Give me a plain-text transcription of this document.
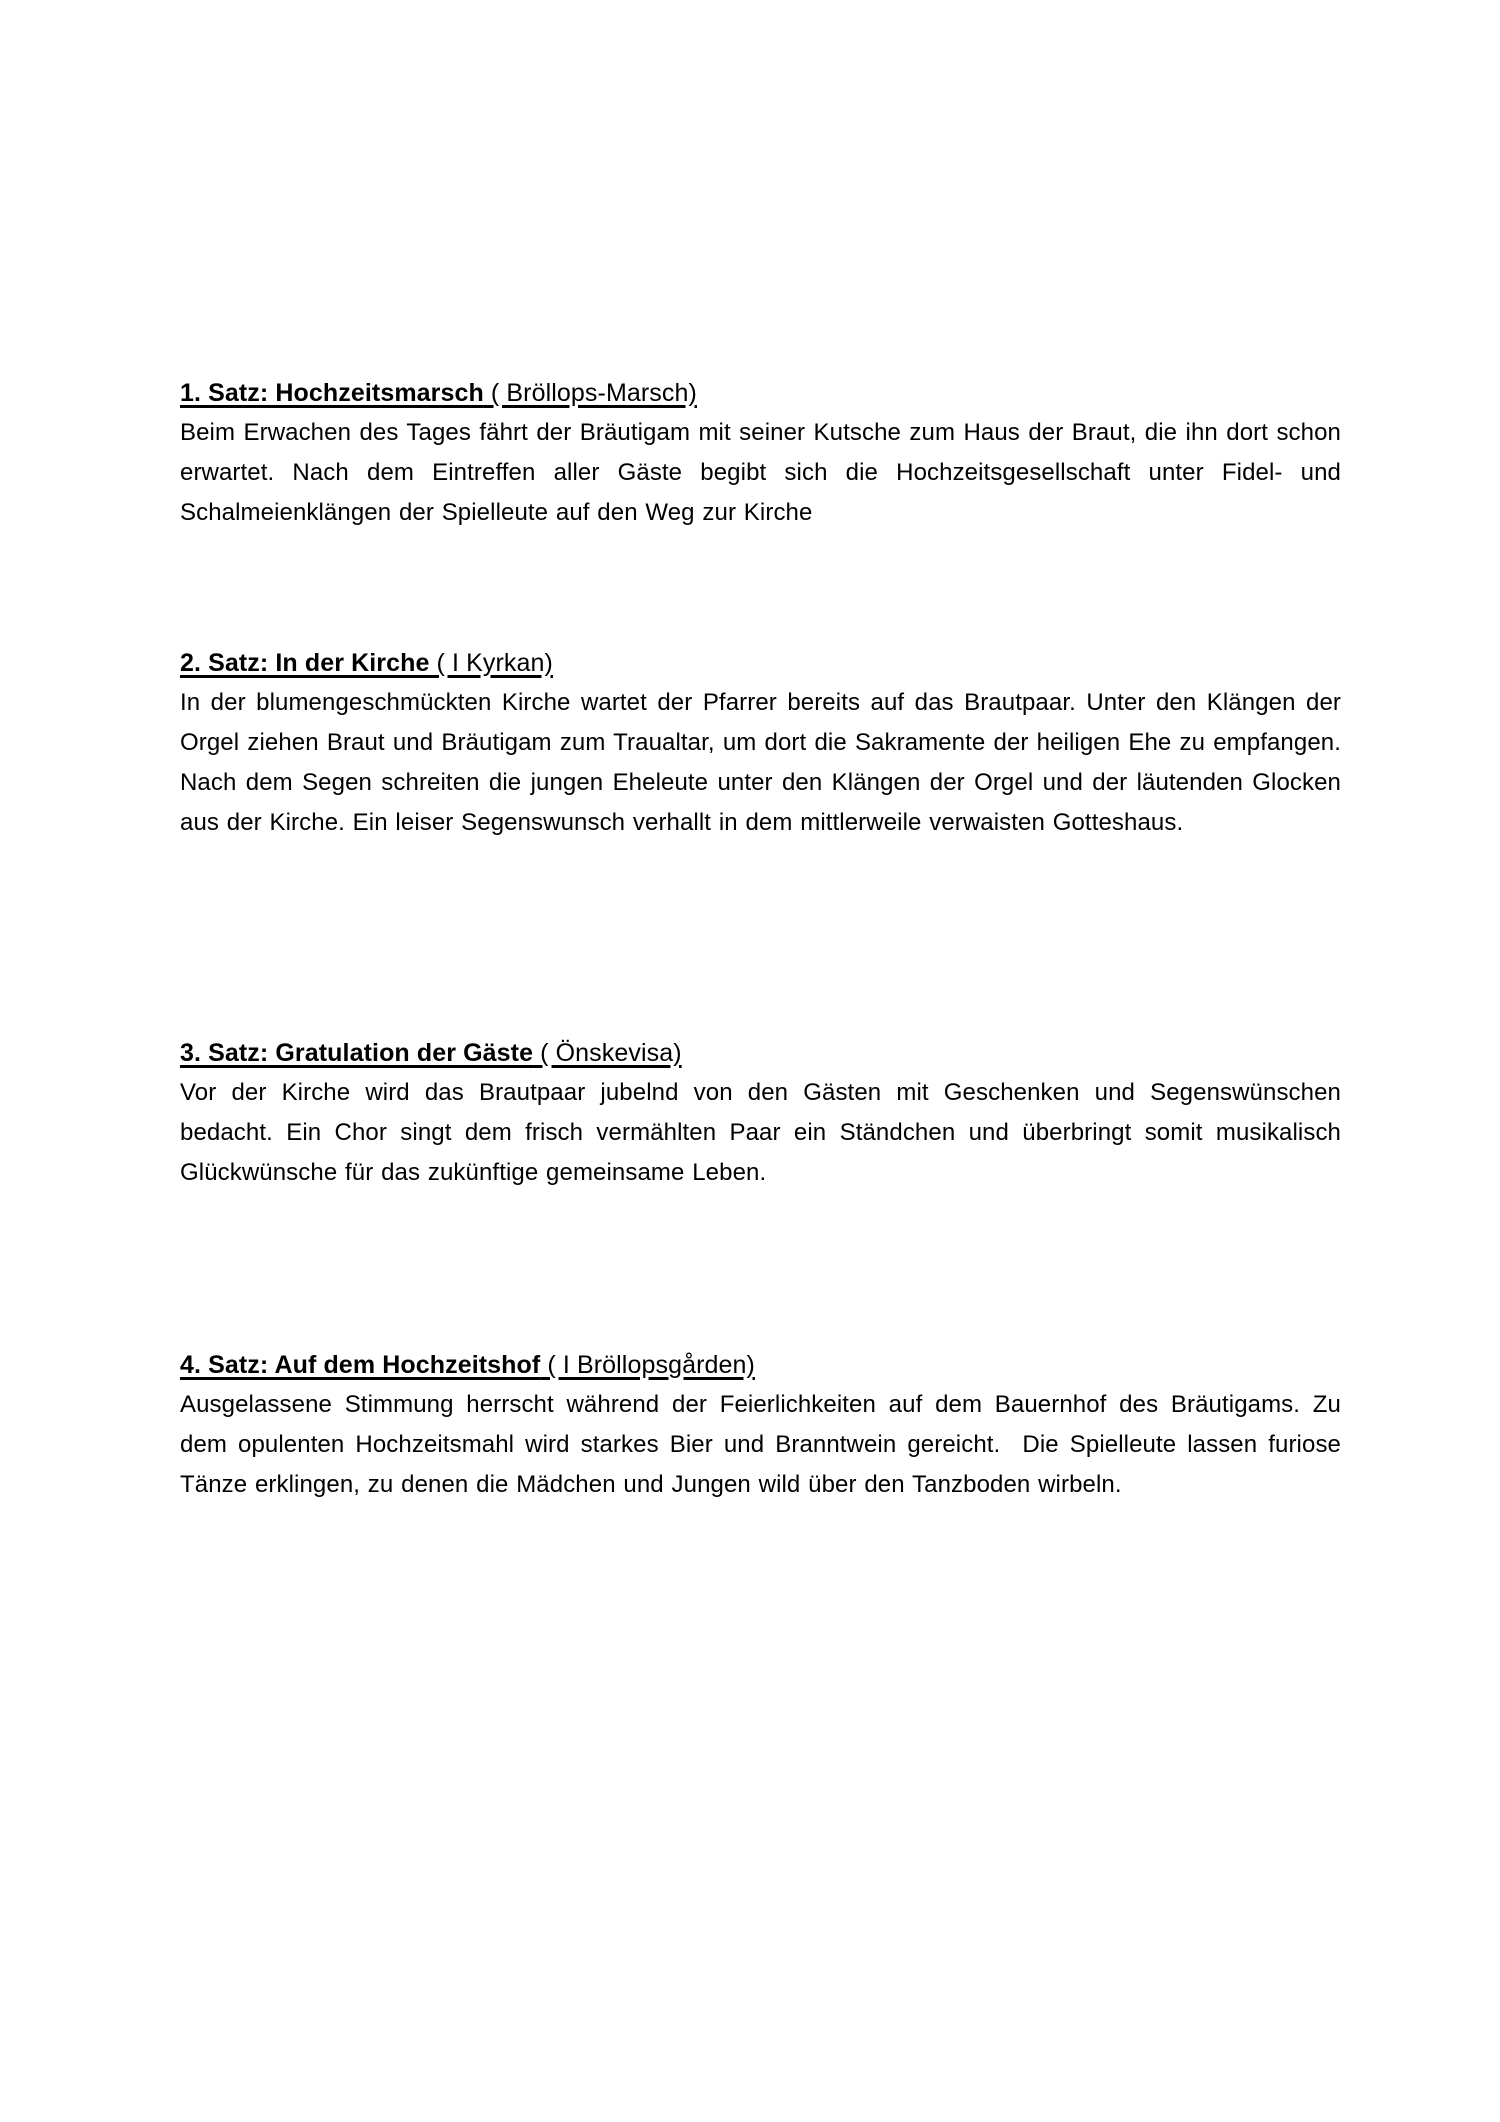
1. Satz: Hochzeitsmarsch ( Bröllops-Marsch)

Beim Erwachen des Tages fährt der Bräutigam mit seiner Kutsche zum Haus der Braut, die ihn dort schon erwartet. Nach dem Eintreffen aller Gäste begibt sich die Hochzeitsgesellschaft unter Fidel- und Schalmeienklängen der Spielleute auf den Weg zur Kirche

2. Satz: In der Kirche ( I Kyrkan)

In der blumengeschmückten Kirche wartet der Pfarrer bereits auf das Brautpaar. Unter den Klängen der Orgel ziehen Braut und Bräutigam zum Traualtar, um dort die Sakramente der heiligen Ehe zu empfangen. Nach dem Segen schreiten die jungen Eheleute unter den Klängen der Orgel und der läutenden Glocken aus der Kirche. Ein leiser Segenswunsch verhallt in dem mittlerweile verwaisten Gotteshaus.

3. Satz: Gratulation der Gäste ( Önskevisa)

Vor der Kirche wird das Brautpaar jubelnd von den Gästen mit Geschenken und Segenswünschen bedacht. Ein Chor singt dem frisch vermählten Paar ein Ständchen und überbringt somit musikalisch Glückwünsche für das zukünftige gemeinsame Leben.

4. Satz: Auf dem Hochzeitshof ( I Bröllopsgården)

Ausgelassene Stimmung herrscht während der Feierlichkeiten auf dem Bauernhof des Bräutigams. Zu dem opulenten Hochzeitsmahl wird starkes Bier und Branntwein gereicht.  Die Spielleute lassen furiose Tänze erklingen, zu denen die Mädchen und Jungen wild über den Tanzboden wirbeln.
